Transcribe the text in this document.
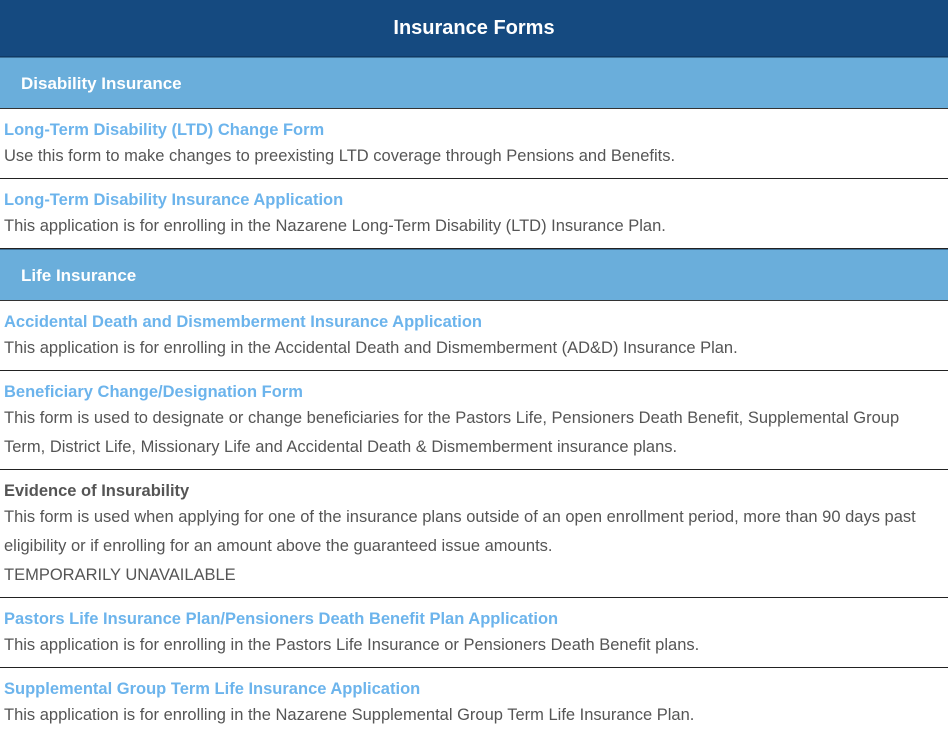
Insurance Forms
Disability Insurance
Long-Term Disability (LTD) Change Form

Use this form to make changes to preexisting LTD coverage through Pensions and Benefits.

Long-Term Disability Insurance Application

This application is for enrolling in the Nazarene Long-Term Disability (LTD) Insurance Plan.

Life Insurance
Accidental Death and Dismemberment Insurance Application

This application is for enrolling in the Accidental Death and Dismemberment (AD&D) Insurance Plan.

Beneficiary Change/Designation Form

This form is used to designate or change beneficiaries for the Pastors Life, Pensioners Death Benefit, Supplemental Group Term, District Life, Missionary Life and Accidental Death & Dismemberment insurance plans.

Evidence of Insurability

This form is used when applying for one of the insurance plans outside of an open enrollment period, more than 90 days past eligibility or if enrolling for an amount above the guaranteed issue amounts.

TEMPORARILY UNAVAILABLE

Pastors Life Insurance Plan/Pensioners Death Benefit Plan Application

This application is for enrolling in the Pastors Life Insurance or Pensioners Death Benefit plans.

Supplemental Group Term Life Insurance Application

This application is for enrolling in the Nazarene Supplemental Group Term Life Insurance Plan.
